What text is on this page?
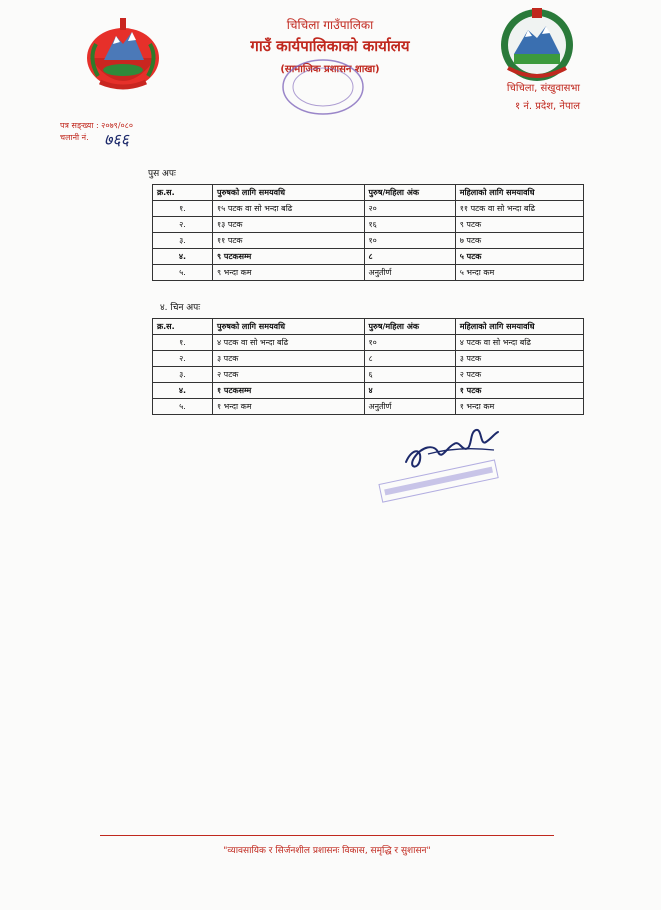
चिचिला गाउँपालिका
गाउँ कार्यपालिकाको कार्यालय
(सामाजिक प्रशासन शाखा)
चिचिला, संखुवासभा
१ नं. प्रदेश, नेपाल
पत्र सङ्ख्या : २०७९/०८०
चलानी नं. ७६६
पुस अपः
क्र.स.	पुरुषको लागि समयवधि	पुरुष/महिला अंक	महिलाको लागि समयावधि
१.	१५ पटक वा सो भन्दा बढि	२०	११ पटक वा सो भन्दा बढि
२.	१३ पटक	१६	९ पटक
३.	११ पटक	१०	७ पटक
४.	९ पटकसम्म	८	५ पटक
५.	९ भन्दा कम	अनुतीर्ण	५ भन्दा कम
४. चिन अपः
क्र.स.	पुरुषको लागि समयवधि	पुरुष/महिला अंक	महिलाको लागि समयावधि
१.	४ पटक वा सो भन्दा बढि	१०	४ पटक वा सो भन्दा बढि
२.	३ पटक	८	३ पटक
३.	२ पटक	६	२ पटक
४.	१ पटकसम्म	४	१ पटक
५.	१ भन्दा कम	अनुतीर्ण	१ भन्दा कम
"व्यावसायिक र सिर्जनशील प्रशासनः विकास, समृद्धि र सुशासन"
